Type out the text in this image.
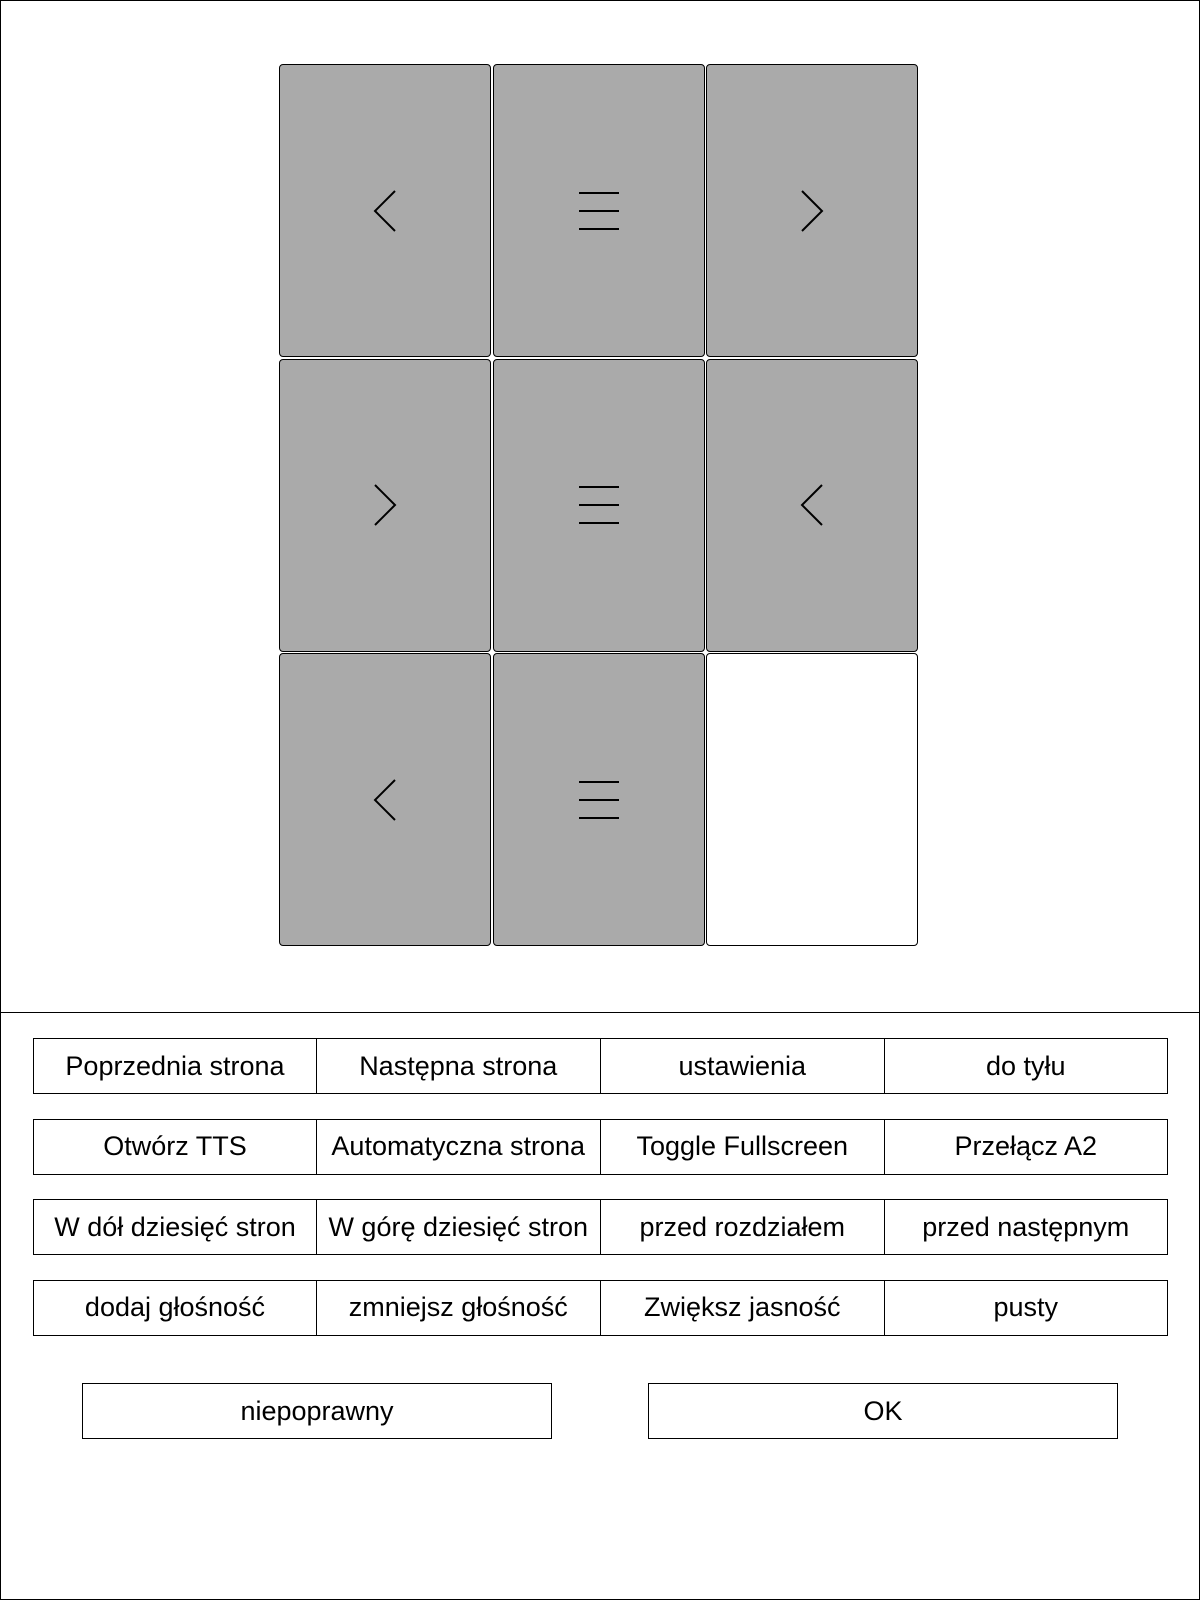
Poprzednia strona	Następna strona	ustawienia	do tyłu
Otwórz TTS	Automatyczna strona	Toggle Fullscreen	Przełącz A2
W dół dziesięć stron	W górę dziesięć stron	przed rozdziałem	przed następnym
dodaj głośność	zmniejsz głośność	Zwiększ jasność	pusty
niepoprawny	OK
